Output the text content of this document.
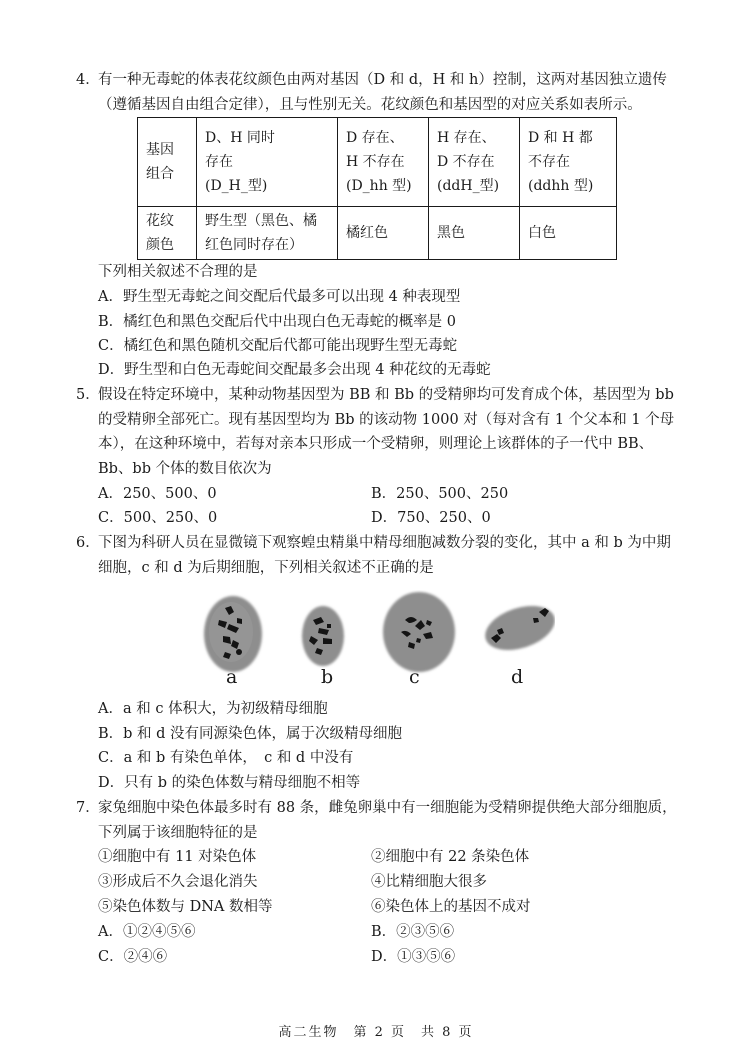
4．
有一种无毒蛇的体表花纹颜色由两对基因（D 和 d，H 和 h）控制，这两对基因独立遗传
（遵循基因自由组合定律），且与性别无关。花纹颜色和基因型的对应关系如表所示。
基因
组合	D、H 同时
存在
(D_H_型)	D 存在、
H 不存在
(D_hh 型)	H 存在、
D 不存在
(ddH_型)	D 和 H 都
不存在
(ddhh 型)

花纹
颜色	野生型（黑色、橘
红色同时存在）	橘红色	黑色	白色
下列相关叙述不合理的是
A．野生型无毒蛇之间交配后代最多可以出现 4 种表现型
B．橘红色和黑色交配后代中出现白色无毒蛇的概率是 0
C．橘红色和黑色随机交配后代都可能出现野生型无毒蛇
D．野生型和白色无毒蛇间交配最多会出现 4 种花纹的无毒蛇
5．
假设在特定环境中，某种动物基因型为 BB 和 Bb 的受精卵均可发育成个体，基因型为 bb
的受精卵全部死亡。现有基因型均为 Bb 的该动物 1000 对（每对含有 1 个父本和 1 个母
本），在这种环境中，若每对亲本只形成一个受精卵，则理论上该群体的子一代中 BB、
Bb、bb 个体的数目依次为
A．250、500、0	B．250、500、250
C．500、250、0	D．750、250、0
6．
下图为科研人员在显微镜下观察蝗虫精巢中精母细胞减数分裂的变化，其中 a 和 b 为中期
细胞，c 和 d 为后期细胞，下列相关叙述不正确的是
a	b	c	d
A．a 和 c 体积大，为初级精母细胞
B．b 和 d 没有同源染色体，属于次级精母细胞
C．a 和 b 有染色单体，　c 和 d 中没有
D．只有 b 的染色体数与精母细胞不相等
7．
家兔细胞中染色体最多时有 88 条，雌兔卵巢中有一细胞能为受精卵提供绝大部分细胞质，
下列属于该细胞特征的是
①细胞中有 11 对染色体	②细胞中有 22 条染色体
③形成后不久会退化消失	④比精细胞大很多
⑤染色体数与 DNA 数相等	⑥染色体上的基因不成对
A．①②④⑤⑥	B．②③⑤⑥
C．②④⑥	D．①③⑤⑥
高二生物　第 2 页　共 8 页
